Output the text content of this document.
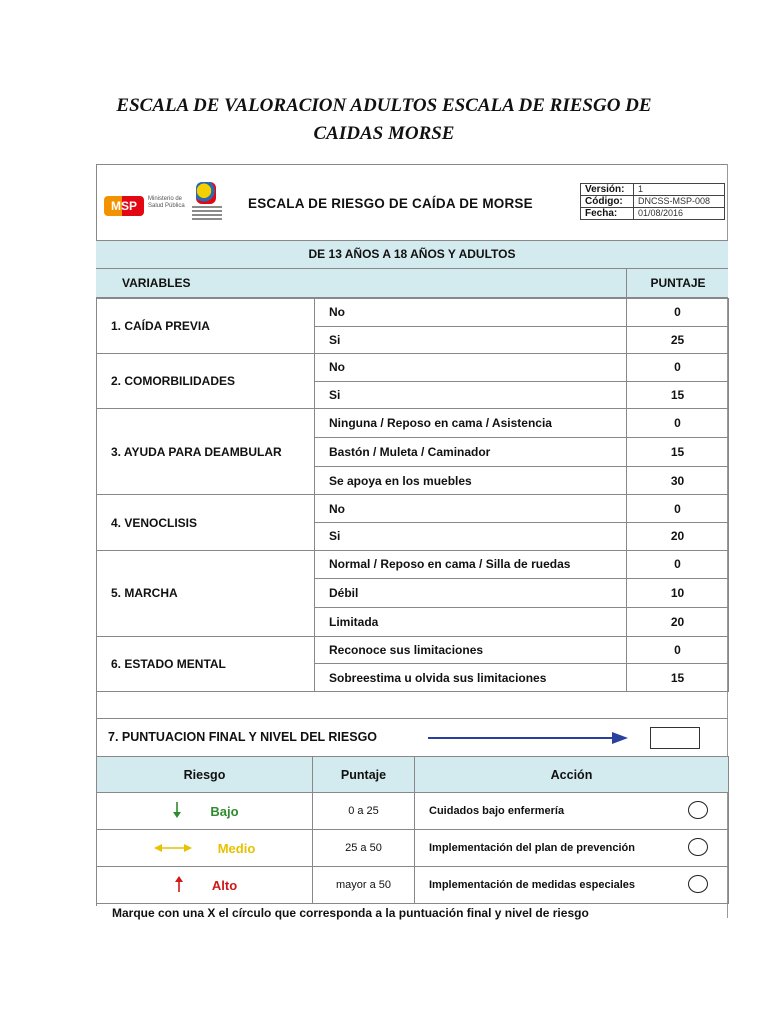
ESCALA DE VALORACION ADULTOS ESCALA DE RIESGO DE
CAIDAS MORSE
MSP	Ministerio de Salud Pública	ESCALA DE RIESGO DE CAÍDA DE MORSE
Versión:	1
Código:	DNCSS-MSP-008
Fecha:	01/08/2016
DE 13 AÑOS A 18 AÑOS Y ADULTOS
VARIABLES	PUNTAJE
1. CAÍDA PREVIA	No	0
	Si	25
2. COMORBILIDADES	No	0
	Si	15
3. AYUDA PARA DEAMBULAR	Ninguna / Reposo en cama / Asistencia	0
	Bastón / Muleta / Caminador	15
	Se apoya en los muebles	30
4. VENOCLISIS	No	0
	Si	20
5. MARCHA	Normal / Reposo en cama / Silla de ruedas	0
	Débil	10
	Limitada	20
6. ESTADO MENTAL	Reconoce sus limitaciones	0
	Sobreestima u olvida sus limitaciones	15
7. PUNTUACION FINAL Y NIVEL DEL RIESGO
Riesgo	Puntaje	Acción

Bajo	0 a 25	Cuidados bajo enfermería

Medio	25 a 50	Implementación del plan de prevención

Alto	mayor a 50	Implementación de medidas especiales
Marque con una X el círculo que corresponda a la puntuación final y nivel de riesgo
